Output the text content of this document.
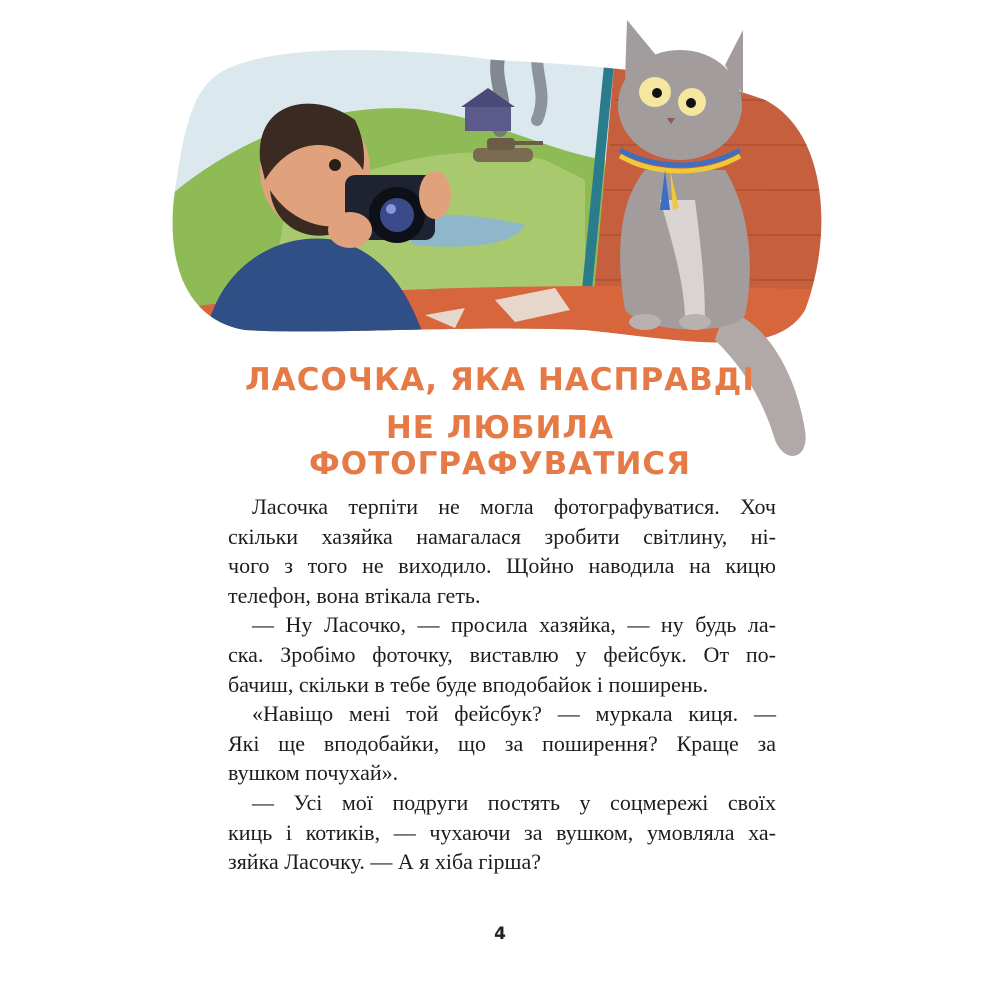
ЛАСОЧКА, ЯКА НАСПРАВДІ
НЕ ЛЮБИЛА ФОТОГРАФУВАТИСЯ
Ласочка терпіти не могла фотографуватися. Хоч
скільки хазяйка намагалася зробити світлину, ні-
чого з того не виходило. Щойно наводила на кицю
телефон, вона втікала геть.
— Ну Ласочко, — просила хазяйка, — ну будь ла-
ска. Зробімо фоточку, виставлю у фейсбук. От по-
бачиш, скільки в тебе буде вподобайок і поширень.
«Навіщо мені той фейсбук? — муркала киця. —
Які ще вподобайки, що за поширення? Краще за
вушком почухай».
— Усі мої подруги постять у соцмережі своїх
киць і котиків, — чухаючи за вушком, умовляла ха-
зяйка Ласочку. — А я хіба гірша?
4
